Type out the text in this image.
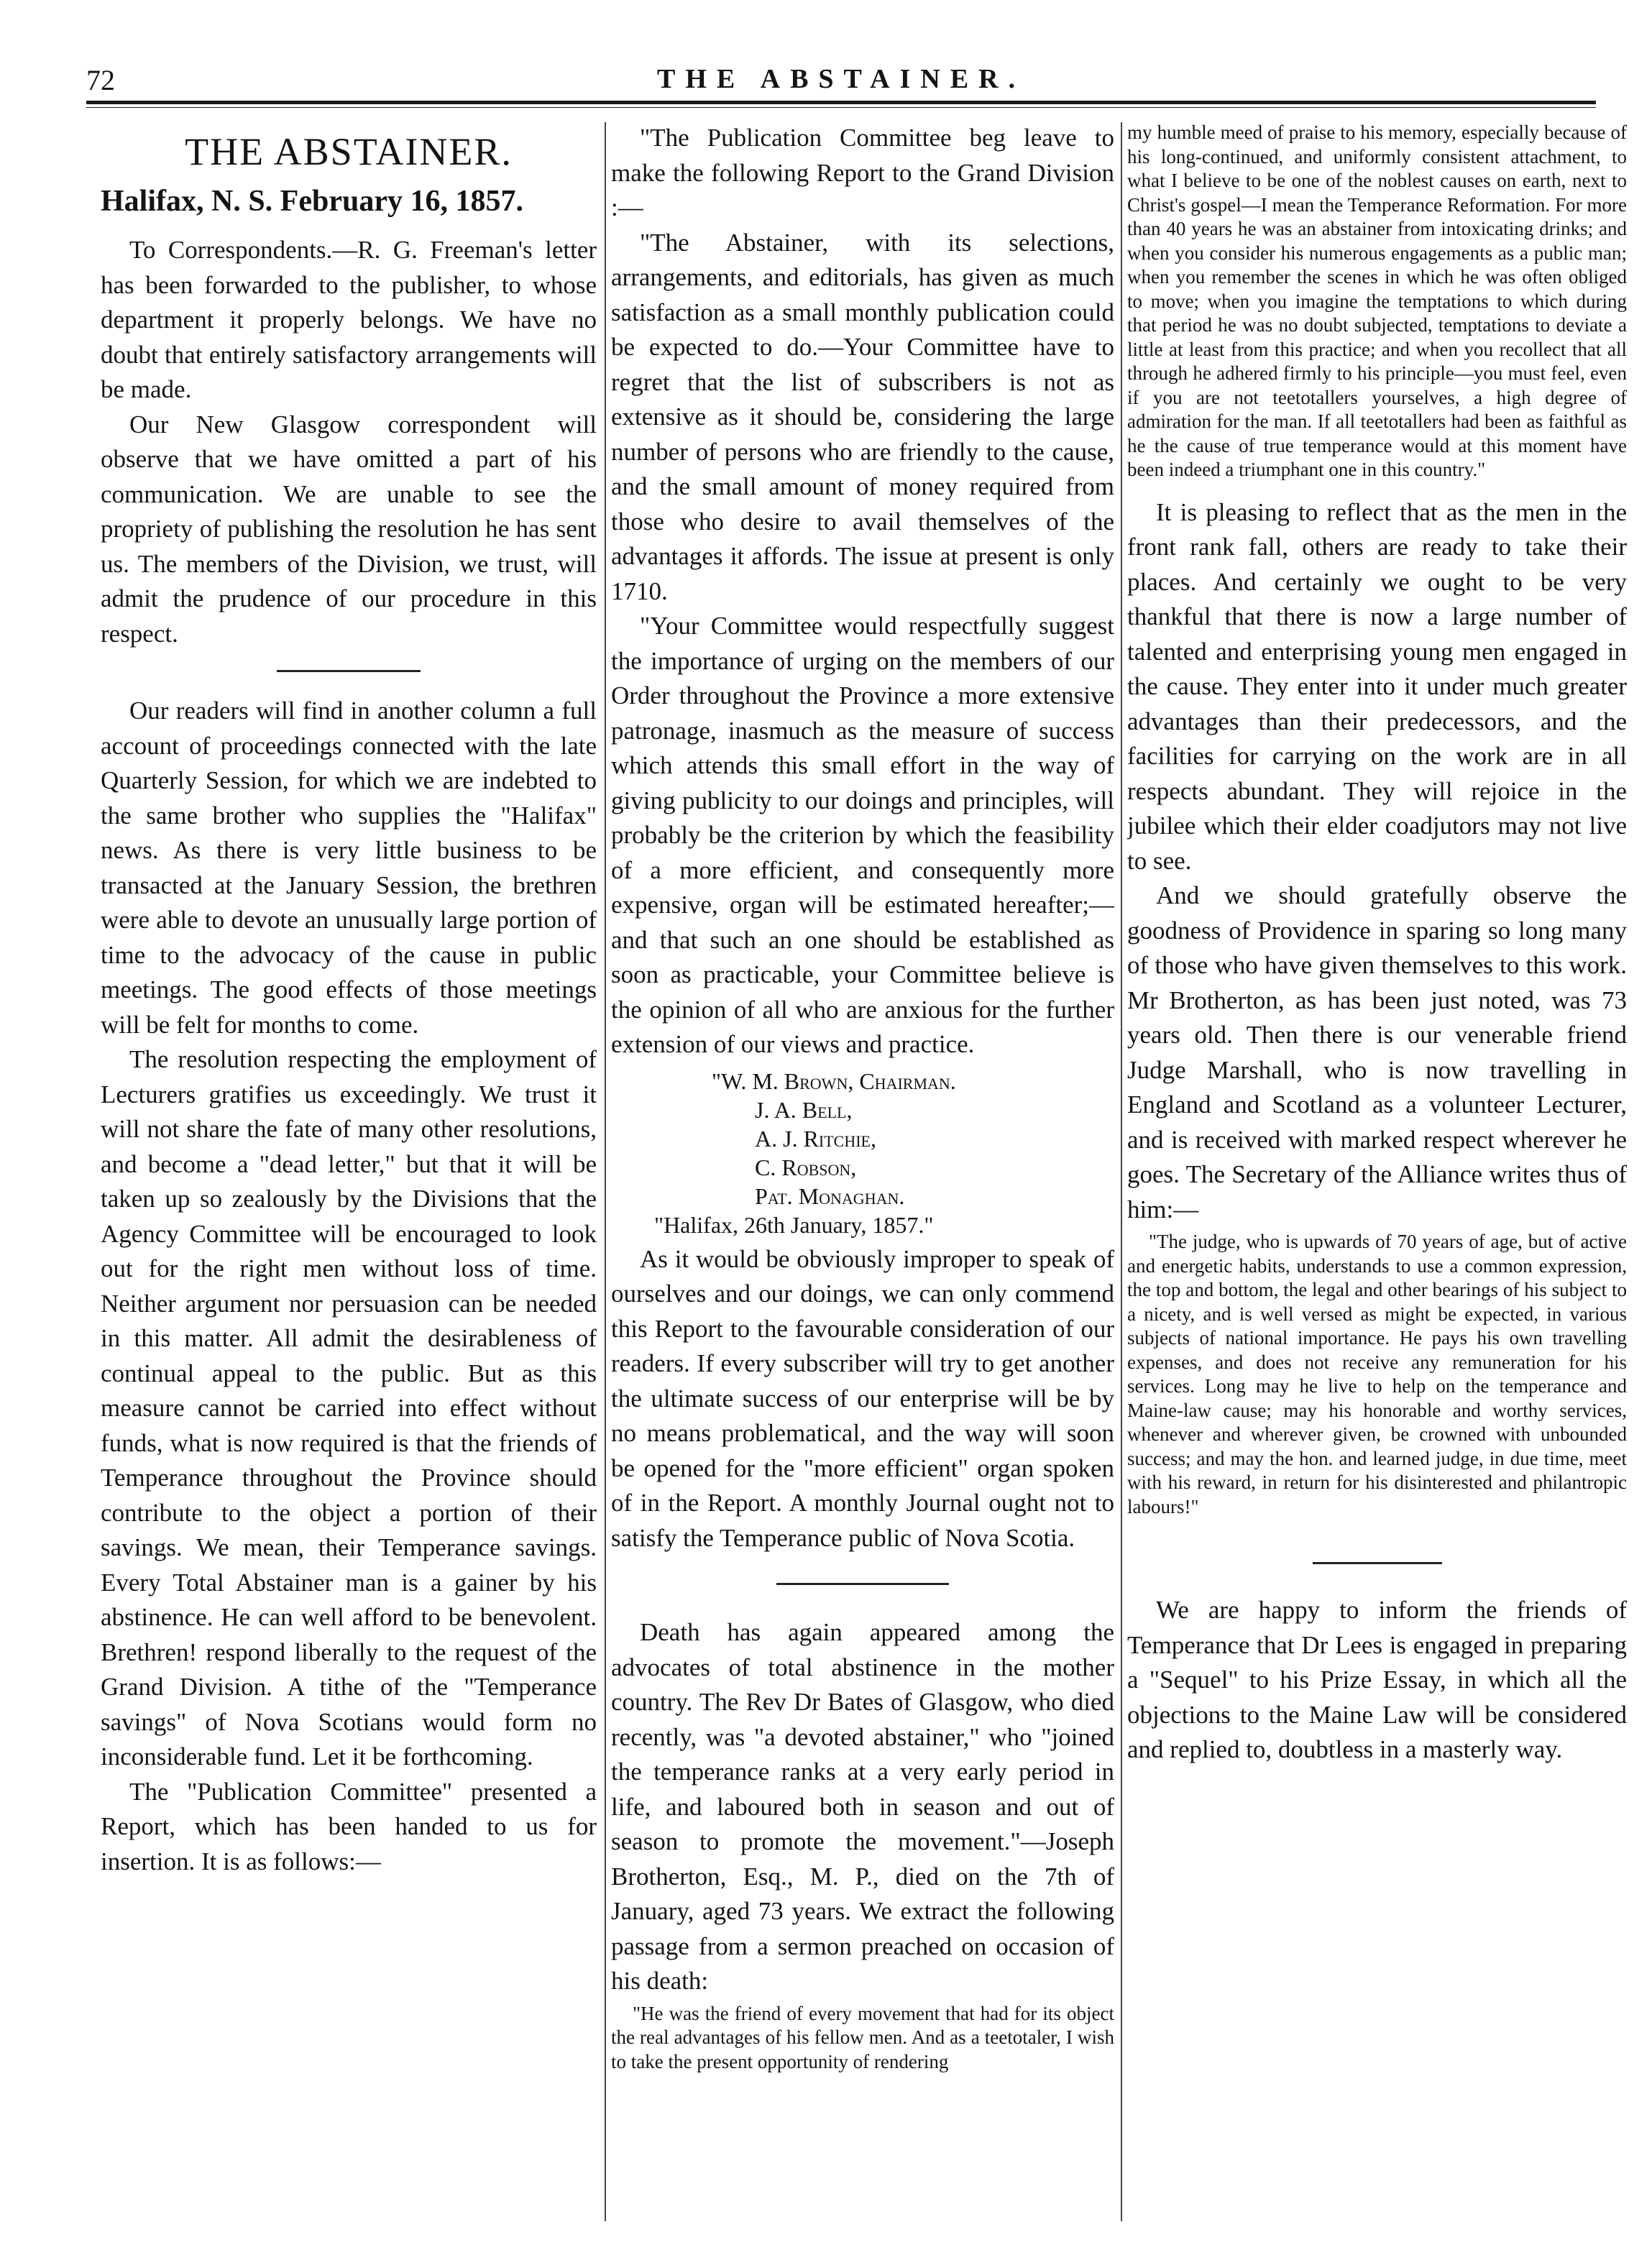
72	THE ABSTAINER.
THE ABSTAINER.
Halifax, N. S. February 16, 1857.

To Correspondents.—R. G. Freeman's letter has been forwarded to the publisher, to whose department it properly belongs. We have no doubt that entirely satisfactory arrangements will be made.

Our New Glasgow correspondent will observe that we have omitted a part of his communication. We are unable to see the propriety of publishing the resolution he has sent us. The members of the Division, we trust, will admit the prudence of our procedure in this respect.

Our readers will find in another column a full account of proceedings connected with the late Quarterly Session, for which we are indebted to the same brother who supplies the "Halifax" news. As there is very little business to be transacted at the January Session, the brethren were able to devote an unusually large portion of time to the advocacy of the cause in public meetings. The good effects of those meetings will be felt for months to come.

The resolution respecting the employment of Lecturers gratifies us exceedingly. We trust it will not share the fate of many other resolutions, and become a "dead letter," but that it will be taken up so zealously by the Divisions that the Agency Committee will be encouraged to look out for the right men without loss of time. Neither argument nor persuasion can be needed in this matter. All admit the desirableness of continual appeal to the public. But as this measure cannot be carried into effect without funds, what is now required is that the friends of Temperance throughout the Province should contribute to the object a portion of their savings. We mean, their Temperance savings. Every Total Abstainer man is a gainer by his abstinence. He can well afford to be benevolent. Brethren! respond liberally to the request of the Grand Division. A tithe of the "Temperance savings" of Nova Scotians would form no inconsiderable fund. Let it be forthcoming.

The "Publication Committee" presented a Report, which has been handed to us for insertion. It is as follows:—

"The Publication Committee beg leave to make the following Report to the Grand Division :—

"The Abstainer, with its selections, arrangements, and editorials, has given as much satisfaction as a small monthly publication could be expected to do.—Your Committee have to regret that the list of subscribers is not as extensive as it should be, considering the large number of persons who are friendly to the cause, and the small amount of money required from those who desire to avail themselves of the advantages it affords. The issue at present is only 1710.

"Your Committee would respectfully suggest the importance of urging on the members of our Order throughout the Province a more extensive patronage, inasmuch as the measure of success which attends this small effort in the way of giving publicity to our doings and principles, will probably be the criterion by which the feasibility of a more efficient, and consequently more expensive, organ will be estimated hereafter;—and that such an one should be established as soon as practicable, your Committee believe is the opinion of all who are anxious for the further extension of our views and practice.

"W. M. Brown, Chairman.
J. A. Bell,
A. J. Ritchie,
C. Robson,
Pat. Monaghan.
"Halifax, 26th January, 1857."

As it would be obviously improper to speak of ourselves and our doings, we can only commend this Report to the favourable consideration of our readers. If every subscriber will try to get another the ultimate success of our enterprise will be by no means problematical, and the way will soon be opened for the "more efficient" organ spoken of in the Report. A monthly Journal ought not to satisfy the Temperance public of Nova Scotia.

Death has again appeared among the advocates of total abstinence in the mother country. The Rev Dr Bates of Glasgow, who died recently, was "a devoted abstainer," who "joined the temperance ranks at a very early period in life, and laboured both in season and out of season to promote the movement."—Joseph Brotherton, Esq., M. P., died on the 7th of January, aged 73 years. We extract the following passage from a sermon preached on occasion of his death:

"He was the friend of every movement that had for its object the real advantages of his fellow men. And as a teetotaler, I wish to take the present opportunity of rendering

my humble meed of praise to his memory, especially because of his long-continued, and uniformly consistent attachment, to what I believe to be one of the noblest causes on earth, next to Christ's gospel—I mean the Temperance Reformation. For more than 40 years he was an abstainer from intoxicating drinks; and when you consider his numerous engagements as a public man; when you remember the scenes in which he was often obliged to move; when you imagine the temptations to which during that period he was no doubt subjected, temptations to deviate a little at least from this practice; and when you recollect that all through he adhered firmly to his principle—you must feel, even if you are not teetotallers yourselves, a high degree of admiration for the man. If all teetotallers had been as faithful as he the cause of true temperance would at this moment have been indeed a triumphant one in this country."

It is pleasing to reflect that as the men in the front rank fall, others are ready to take their places. And certainly we ought to be very thankful that there is now a large number of talented and enterprising young men engaged in the cause. They enter into it under much greater advantages than their predecessors, and the facilities for carrying on the work are in all respects abundant. They will rejoice in the jubilee which their elder coadjutors may not live to see.

And we should gratefully observe the goodness of Providence in sparing so long many of those who have given themselves to this work. Mr Brotherton, as has been just noted, was 73 years old. Then there is our venerable friend Judge Marshall, who is now travelling in England and Scotland as a volunteer Lecturer, and is received with marked respect wherever he goes. The Secretary of the Alliance writes thus of him:—

"The judge, who is upwards of 70 years of age, but of active and energetic habits, understands to use a common expression, the top and bottom, the legal and other bearings of his subject to a nicety, and is well versed as might be expected, in various subjects of national importance. He pays his own travelling expenses, and does not receive any remuneration for his services. Long may he live to help on the temperance and Maine-law cause; may his honorable and worthy services, whenever and wherever given, be crowned with unbounded success; and may the hon. and learned judge, in due time, meet with his reward, in return for his disinterested and philantropic labours!"

We are happy to inform the friends of Temperance that Dr Lees is engaged in preparing a "Sequel" to his Prize Essay, in which all the objections to the Maine Law will be considered and replied to, doubtless in a masterly way.
